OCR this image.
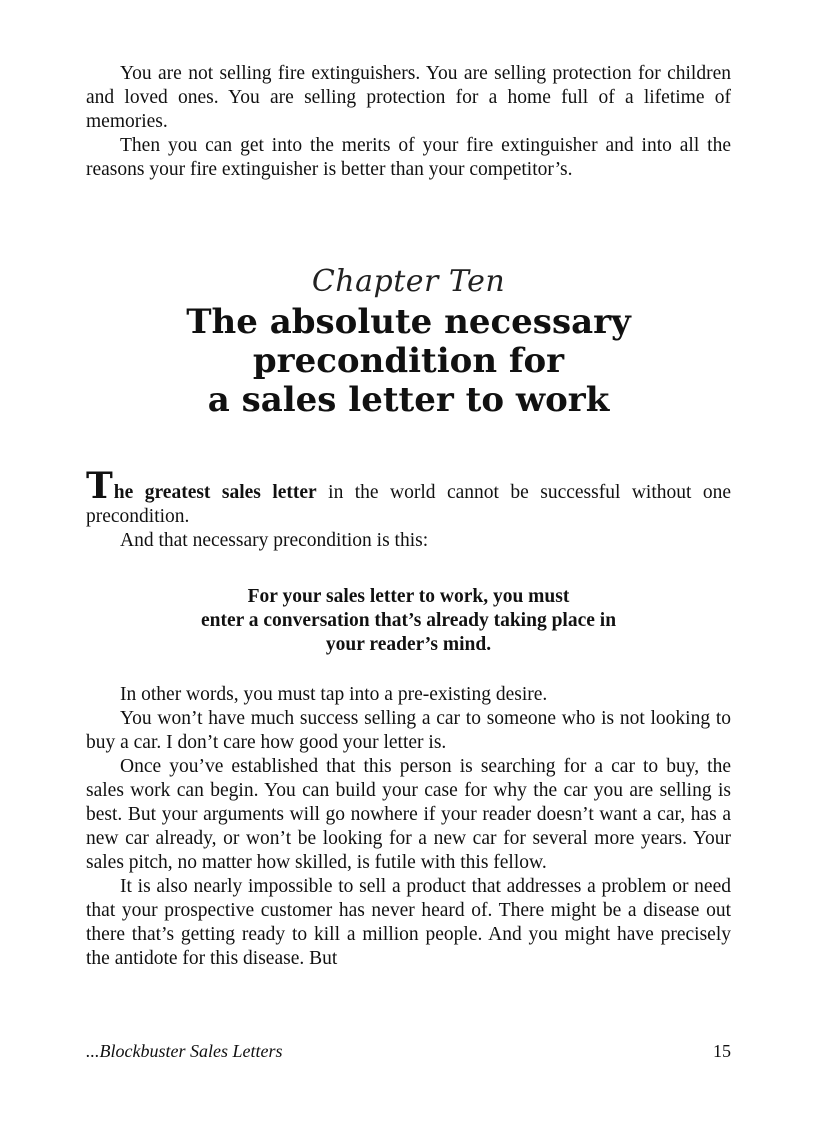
You are not selling fire extinguishers. You are selling protection for children and loved ones. You are selling protection for a home full of a lifetime of memories.

Then you can get into the merits of your fire extinguisher and into all the reasons your fire extinguisher is better than your competitor’s.

Chapter Ten
The absolute necessary
precondition for
a sales letter to work

The greatest sales letter in the world cannot be successful without one precondition.

And that necessary precondition is this:

For your sales letter to work, you must
enter a conversation that’s already taking place in
your reader’s mind.

In other words, you must tap into a pre-existing desire.

You won’t have much success selling a car to someone who is not looking to buy a car. I don’t care how good your letter is.

Once you’ve established that this person is searching for a car to buy, the sales work can begin. You can build your case for why the car you are selling is best. But your arguments will go nowhere if your reader doesn’t want a car, has a new car already, or won’t be looking for a new car for several more years. Your sales pitch, no matter how skilled, is futile with this fellow.

It is also nearly impossible to sell a product that addresses a problem or need that your prospective customer has never heard of. There might be a disease out there that’s getting ready to kill a million people. And you might have precisely the antidote for this disease. But

...Blockbuster Sales Letters	15
